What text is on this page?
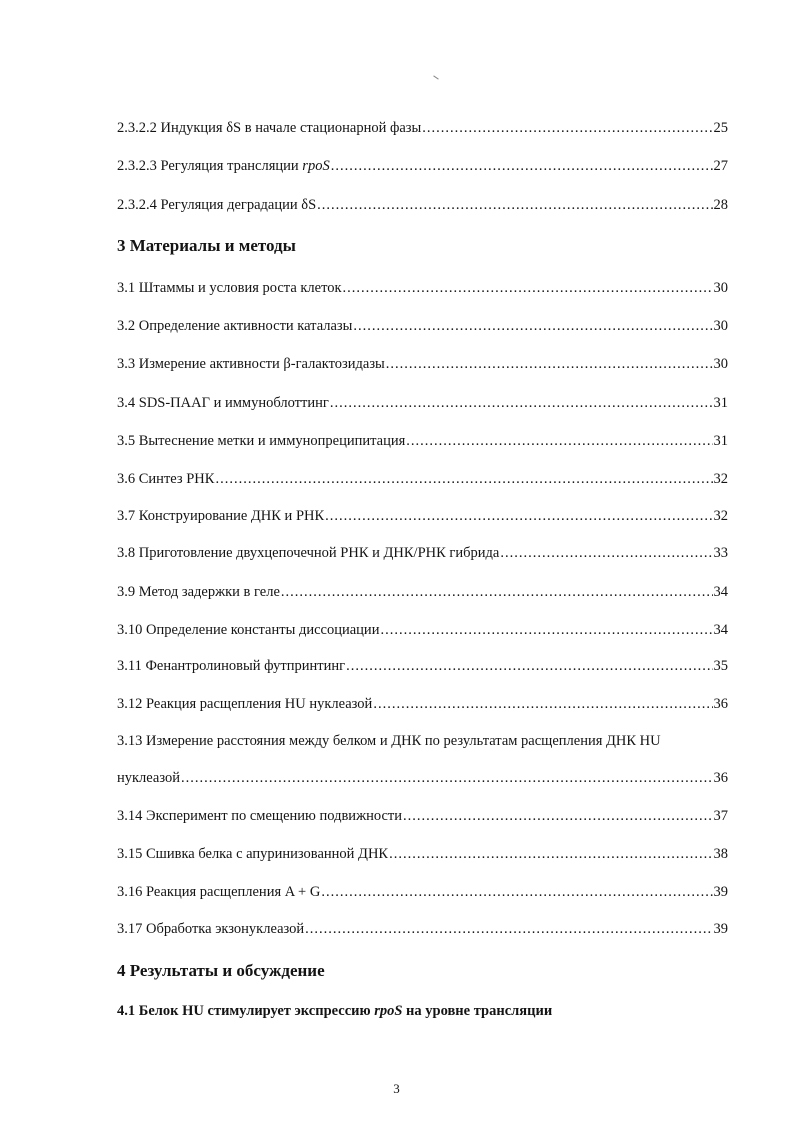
2.3.2.2 Индукция δS в начале стационарной фазы .....	25
2.3.2.3 Регуляция трансляции rpoS .....	27
2.3.2.4 Регуляция деградации δS .....	28
3 Материалы и методы
3.1 Штаммы и условия роста клеток .....	30
3.2 Определение активности каталазы .....	30
3.3 Измерение активности β-галактозидазы .....	30
3.4 SDS-ПААГ и иммуноблоттинг .....	31
3.5 Вытеснение метки и иммунопреципитация .....	31
3.6 Синтез РНК .....	32
3.7 Конструирование ДНК и РНК .....	32
3.8 Приготовление двухцепочечной РНК и ДНК/РНК гибрида .....	33
3.9 Метод задержки в геле .....	34
3.10 Определение константы диссоциации .....	34
3.11 Фенантролиновый футпринтинг .....	35
3.12 Реакция расщепления HU нуклеазой .....	36
3.13 Измерение расстояния между белком и ДНК по результатам расщепления ДНК HU
нуклеазой .....	36
3.14 Эксперимент по смещению подвижности .....	37
3.15 Сшивка белка с апуринизованной ДНК .....	38
3.16 Реакция расщепления A + G .....	39
3.17 Обработка экзонуклеазой .....	39
4 Результаты и обсуждение
4.1 Белок HU стимулирует экспрессию rpoS на уровне трансляции
3
